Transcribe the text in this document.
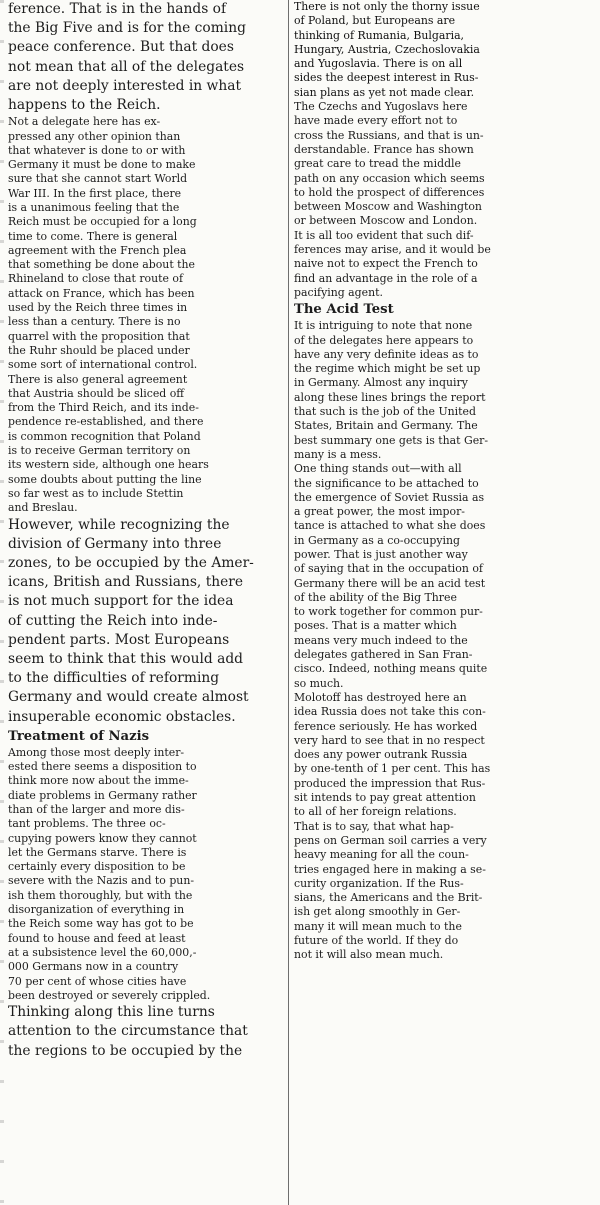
ference. That is in the hands of
the Big Five and is for the coming
peace conference. But that does
not mean that all of the delegates
are not deeply interested in what
happens to the Reich.

Not a delegate here has ex-
pressed any other opinion than
that whatever is done to or with
Germany it must be done to make
sure that she cannot start World
War III. In the first place, there
is a unanimous feeling that the
Reich must be occupied for a long
time to come. There is general
agreement with the French plea
that something be done about the
Rhineland to close that route of
attack on France, which has been
used by the Reich three times in
less than a century. There is no
quarrel with the proposition that
the Ruhr should be placed under
some sort of international control.

There is also general agreement
that Austria should be sliced off
from the Third Reich, and its inde-
pendence re-established, and there
is common recognition that Poland
is to receive German territory on
its western side, although one hears
some doubts about putting the line
so far west as to include Stettin
and Breslau.

However, while recognizing the
division of Germany into three
zones, to be occupied by the Amer-
icans, British and Russians, there
is not much support for the idea
of cutting the Reich into inde-
pendent parts. Most Europeans
seem to think that this would add
to the difficulties of reforming
Germany and would create almost
insuperable economic obstacles.

Treatment of Nazis

Among those most deeply inter-
ested there seems a disposition to
think more now about the imme-
diate problems in Germany rather
than of the larger and more dis-
tant problems. The three oc-
cupying powers know they cannot
let the Germans starve. There is
certainly every disposition to be
severe with the Nazis and to pun-
ish them thoroughly, but with the
disorganization of everything in
the Reich some way has got to be
found to house and feed at least
at a subsistence level the 60,000,-
000 Germans now in a country
70 per cent of whose cities have
been destroyed or severely crippled.

Thinking along this line turns
attention to the circumstance that
the regions to be occupied by the

There is not only the thorny issue
of Poland, but Europeans are
thinking of Rumania, Bulgaria,
Hungary, Austria, Czechoslovakia
and Yugoslavia. There is on all
sides the deepest interest in Rus-
sian plans as yet not made clear.

The Czechs and Yugoslavs here
have made every effort not to
cross the Russians, and that is un-
derstandable. France has shown
great care to tread the middle
path on any occasion which seems
to hold the prospect of differences
between Moscow and Washington
or between Moscow and London.
It is all too evident that such dif-
ferences may arise, and it would be
naive not to expect the French to
find an advantage in the role of a
pacifying agent.

The Acid Test

It is intriguing to note that none
of the delegates here appears to
have any very definite ideas as to
the regime which might be set up
in Germany. Almost any inquiry
along these lines brings the report
that such is the job of the United
States, Britain and Germany. The
best summary one gets is that Ger-
many is a mess.

One thing stands out—with all
the significance to be attached to
the emergence of Soviet Russia as
a great power, the most impor-
tance is attached to what she does
in Germany as a co-occupying
power. That is just another way
of saying that in the occupation of
Germany there will be an acid test
of the ability of the Big Three
to work together for common pur-
poses. That is a matter which
means very much indeed to the
delegates gathered in San Fran-
cisco. Indeed, nothing means quite
so much.

Molotoff has destroyed here an
idea Russia does not take this con-
ference seriously. He has worked
very hard to see that in no respect
does any power outrank Russia
by one-tenth of 1 per cent. This has
produced the impression that Rus-
sit intends to pay great attention
to all of her foreign relations.

That is to say, that what hap-
pens on German soil carries a very
heavy meaning for all the coun-
tries engaged here in making a se-
curity organization. If the Rus-
sians, the Americans and the Brit-
ish get along smoothly in Ger-
many it will mean much to the
future of the world. If they do
not it will also mean much.
